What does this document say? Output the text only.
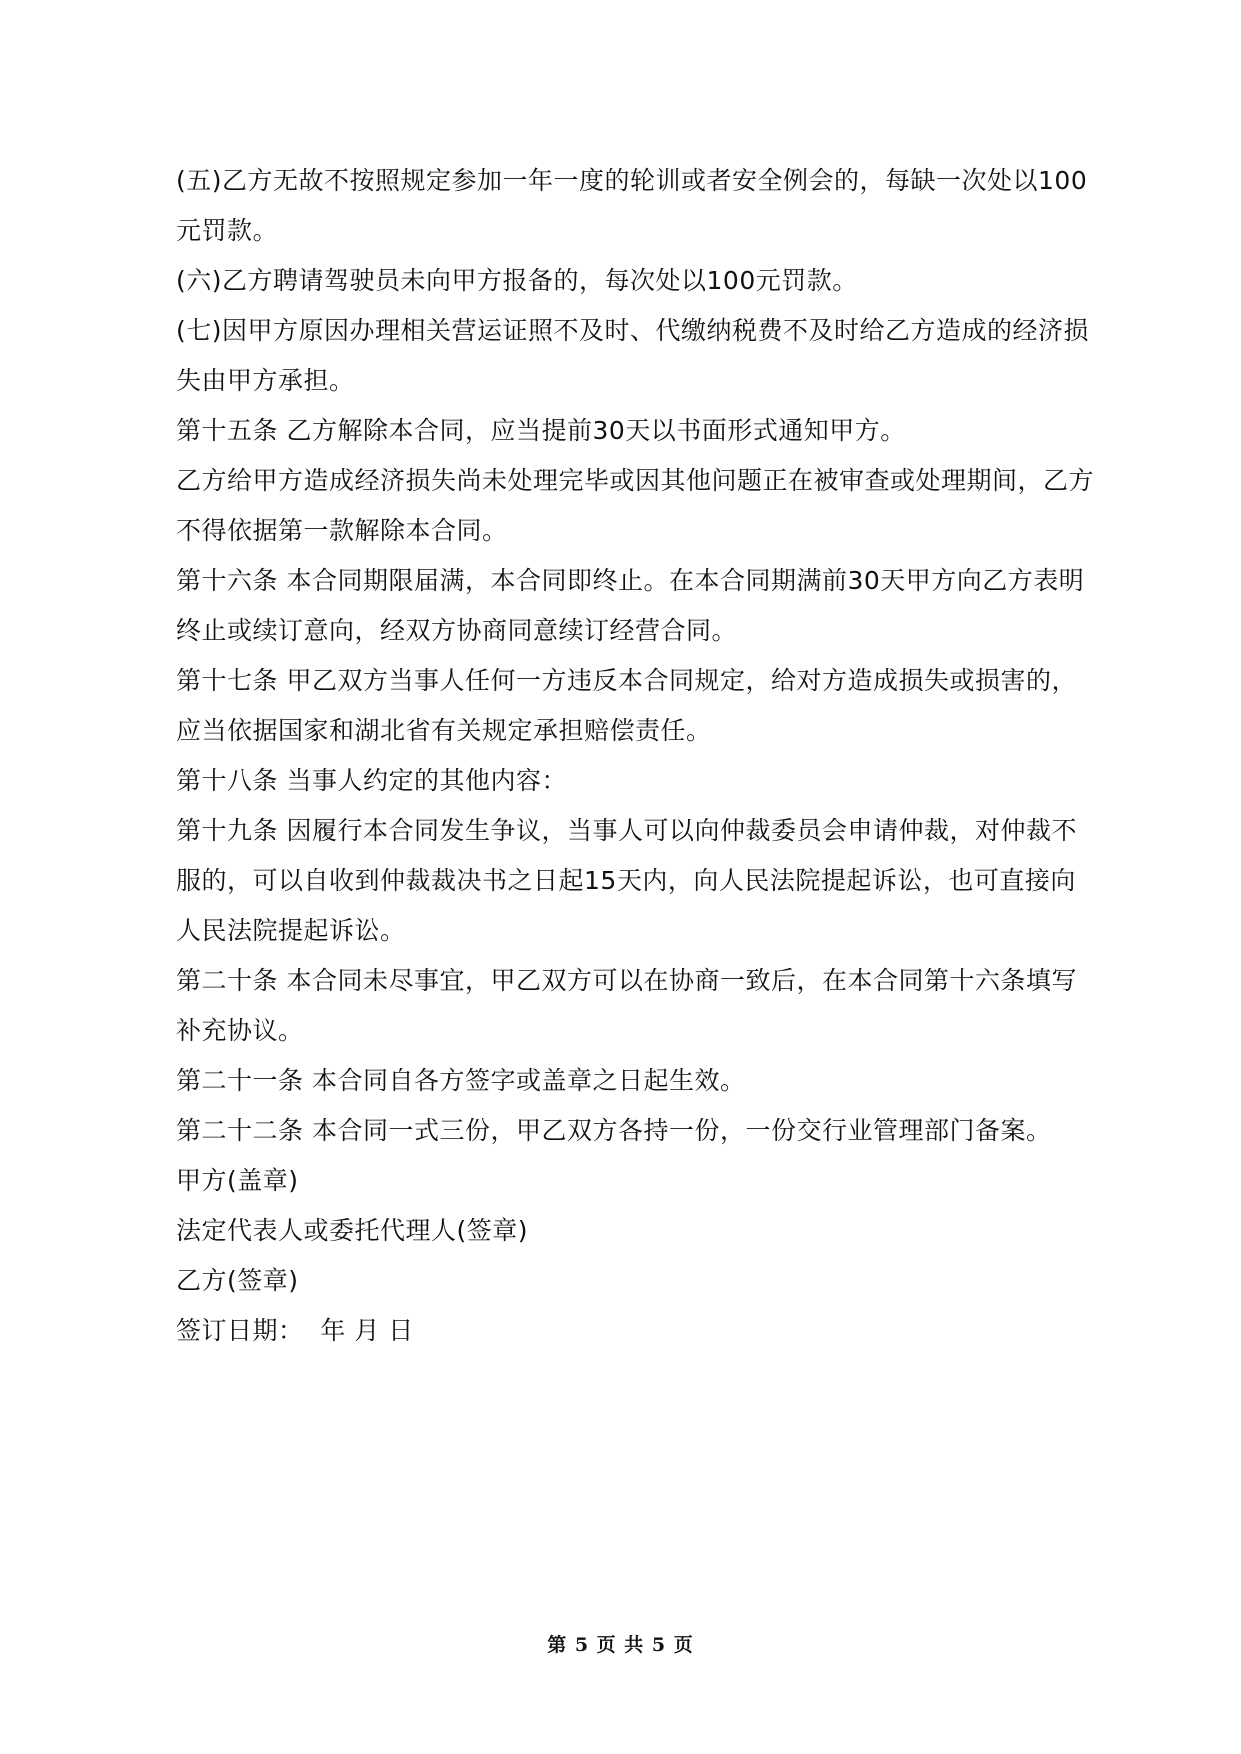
(五)乙方无故不按照规定参加一年一度的轮训或者安全例会的，每缺一次处以100元罚款。

(六)乙方聘请驾驶员未向甲方报备的，每次处以100元罚款。

(七)因甲方原因办理相关营运证照不及时、代缴纳税费不及时给乙方造成的经济损失由甲方承担。

第十五条 乙方解除本合同，应当提前30天以书面形式通知甲方。

乙方给甲方造成经济损失尚未处理完毕或因其他问题正在被审查或处理期间，乙方不得依据第一款解除本合同。

第十六条 本合同期限届满，本合同即终止。在本合同期满前30天甲方向乙方表明终止或续订意向，经双方协商同意续订经营合同。

第十七条 甲乙双方当事人任何一方违反本合同规定，给对方造成损失或损害的，应当依据国家和湖北省有关规定承担赔偿责任。

第十八条 当事人约定的其他内容：

第十九条 因履行本合同发生争议，当事人可以向仲裁委员会申请仲裁，对仲裁不服的，可以自收到仲裁裁决书之日起15天内，向人民法院提起诉讼，也可直接向人民法院提起诉讼。

第二十条 本合同未尽事宜，甲乙双方可以在协商一致后，在本合同第十六条填写补充协议。

第二十一条 本合同自各方签字或盖章之日起生效。

第二十二条 本合同一式三份，甲乙双方各持一份，一份交行业管理部门备案。

甲方(盖章)

法定代表人或委托代理人(签章)

乙方(签章)

签订日期：  年 月 日

第 5 页 共 5 页
